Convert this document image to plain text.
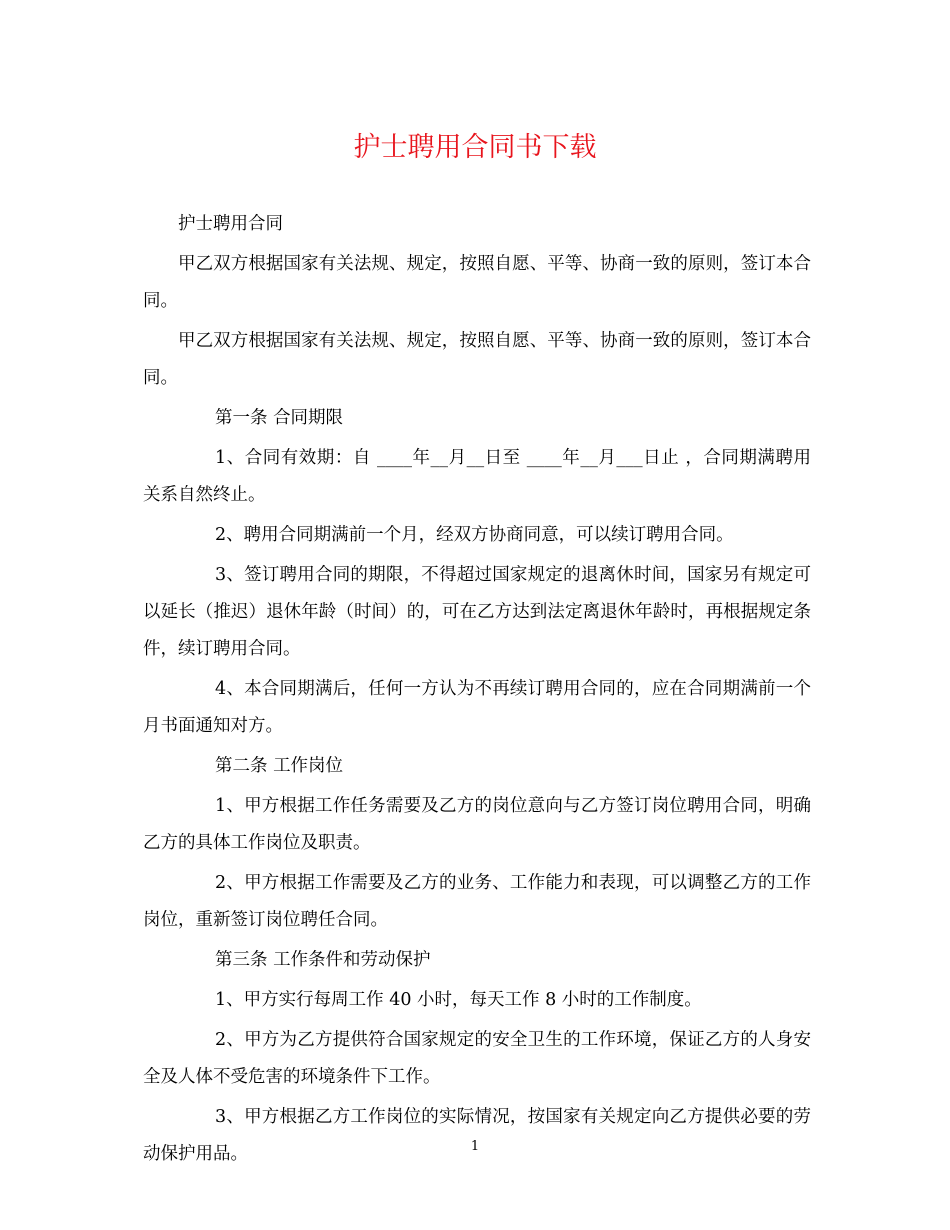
护士聘用合同书下载

护士聘用合同

甲乙双方根据国家有关法规、规定，按照自愿、平等、协商一致的原则，签订本合同。

甲乙双方根据国家有关法规、规定，按照自愿、平等、协商一致的原则，签订本合同。

第一条 合同期限

1、合同有效期：自 ____年__月__日至 ____年__月___日止 ，合同期满聘用关系自然终止。

2、聘用合同期满前一个月，经双方协商同意，可以续订聘用合同。

3、签订聘用合同的期限，不得超过国家规定的退离休时间，国家另有规定可以延长（推迟）退休年龄（时间）的，可在乙方达到法定离退休年龄时，再根据规定条件，续订聘用合同。

4、本合同期满后，任何一方认为不再续订聘用合同的，应在合同期满前一个月书面通知对方。

第二条 工作岗位

1、甲方根据工作任务需要及乙方的岗位意向与乙方签订岗位聘用合同，明确乙方的具体工作岗位及职责。

2、甲方根据工作需要及乙方的业务、工作能力和表现，可以调整乙方的工作岗位，重新签订岗位聘任合同。

第三条 工作条件和劳动保护

1、甲方实行每周工作 40 小时，每天工作 8 小时的工作制度。

2、甲方为乙方提供符合国家规定的安全卫生的工作环境，保证乙方的人身安全及人体不受危害的环境条件下工作。

3、甲方根据乙方工作岗位的实际情况，按国家有关规定向乙方提供必要的劳动保护用品。	1
